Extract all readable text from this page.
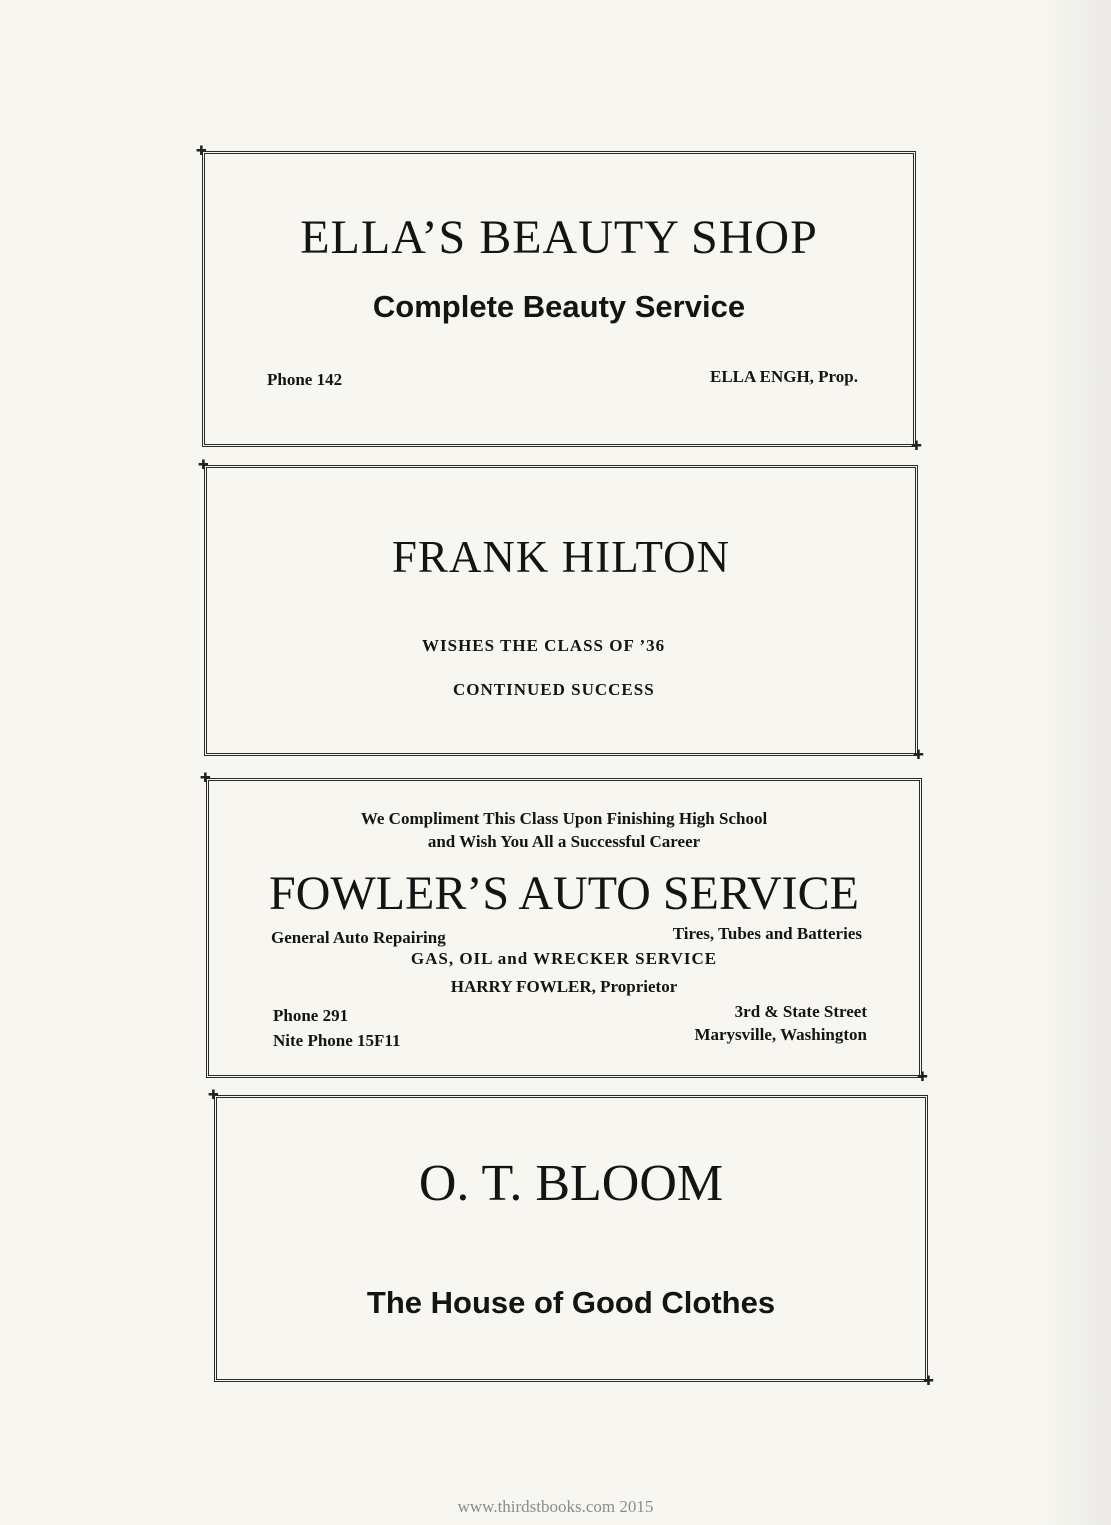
✚ ELLA’S BEAUTY SHOP
Complete Beauty Service
Phone 142	ELLA ENGH, Prop.
✚
✚ FRANK HILTON
WISHES THE CLASS OF ’36
CONTINUED SUCCESS
✚
✚ We Compliment This Class Upon Finishing High School
and Wish You All a Successful Career
FOWLER’S AUTO SERVICE
General Auto Repairing	Tires, Tubes and Batteries
GAS, OIL and WRECKER SERVICE
HARRY FOWLER, Proprietor
Phone 291
Nite Phone 15F11
3rd & State Street
Marysville, Washington
✚
✚ O. T. BLOOM
The House of Good Clothes
✚
www.thirdstbooks.com 2015
